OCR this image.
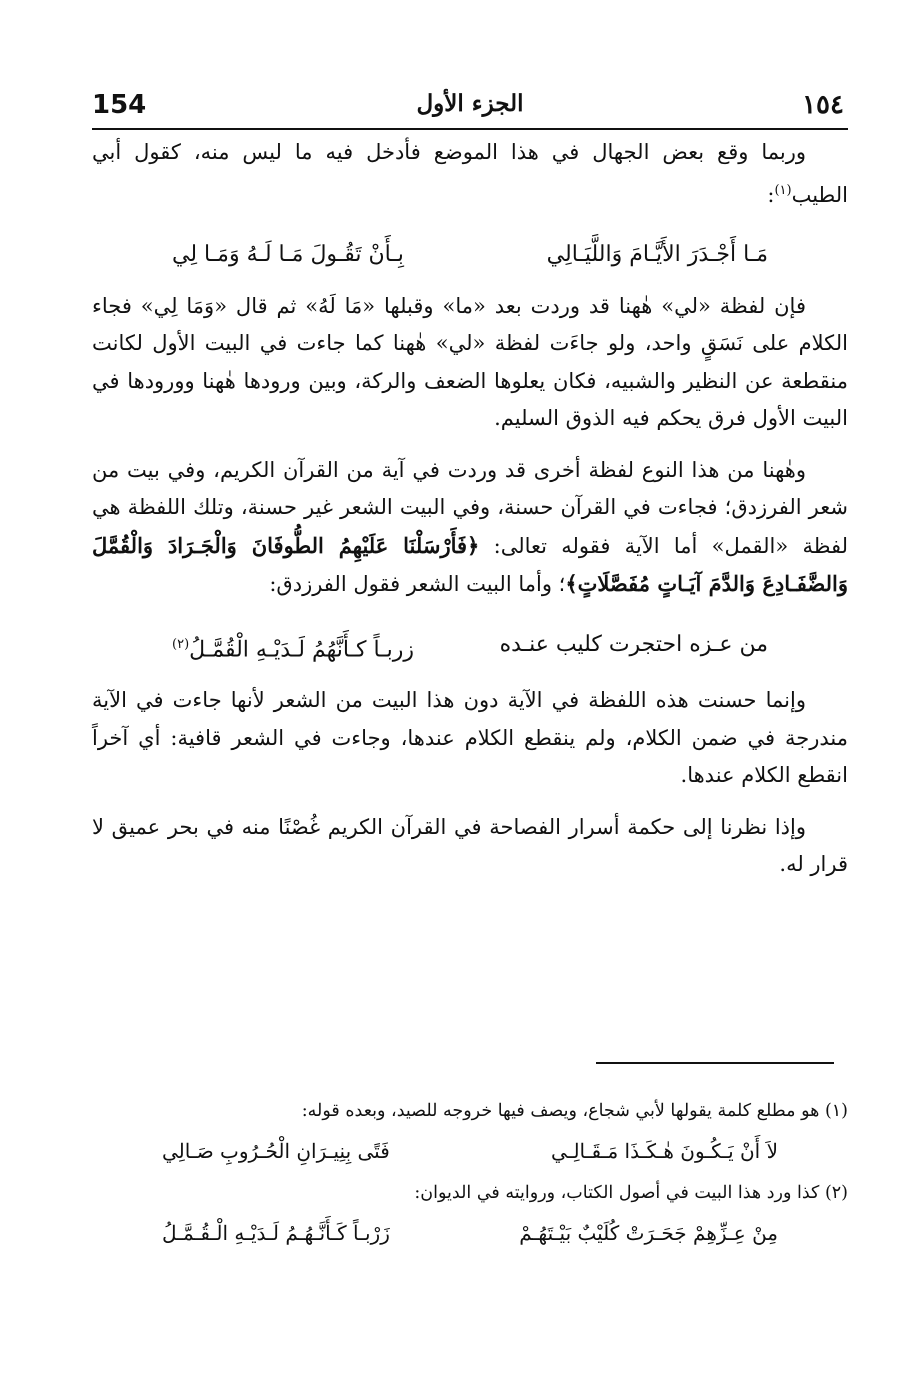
154	الجزء الأول	١٥٤

وربما وقع بعض الجهال في هذا الموضع فأدخل فيه ما ليس منه، كقول أبي الطيب$^{(١)}$:

مَـا أَجْـدَرَ الأَيَّـامَ وَاللَّيَـالِي
بِـأَنْ تَقُـولَ مَـا لَـهُ وَمَـا لِي

فإن لفظة «لي» هٰهنا قد وردت بعد «ما» وقبلها «مَا لَهُ» ثم قال «وَمَا لِي» فجاء الكلام على نَسَقٍ واحد، ولو جاءَت لفظة «لي» هٰهنا كما جاءت في البيت الأول لكانت منقطعة عن النظير والشبيه، فكان يعلوها الضعف والركة، وبين ورودها هٰهنا وورودها في البيت الأول فرق يحكم فيه الذوق السليم.

وهٰهنا من هذا النوع لفظة أخرى قد وردت في آية من القرآن الكريم، وفي بيت من شعر الفرزدق؛ فجاءت في القرآن حسنة، وفي البيت الشعر غير حسنة، وتلك اللفظة هي لفظة «القمل» أما الآية فقوله تعالى: ﴿فَأَرْسَلْنَا عَلَيْهِمُ الطُّوفَانَ وَالْجَـرَادَ وَالْقُمَّلَ وَالضَّفَـادِعَ وَالدَّمَ آيَـاتٍ مُفَصَّلَاتٍ﴾؛ وأما البيت الشعر فقول الفرزدق:

من عـزه احتجرت كليب عنـده
زربـاً كـأَنَّهُمُ لَـدَيْـهِ الْقُمَّـلُ$^{(٢)}$

وإنما حسنت هذه اللفظة في الآية دون هذا البيت من الشعر لأنها جاءت في الآية مندرجة في ضمن الكلام، ولم ينقطع الكلام عندها، وجاءت في الشعر قافية: أي آخراً انقطع الكلام عندها.

وإذا نظرنا إلى حكمة أسرار الفصاحة في القرآن الكريم غُصْنًا منه في بحر عميق لا قرار له.

(١) هو مطلع كلمة يقولها لأبي شجاع، ويصف فيها خروجه للصيد، وبعده قوله:

لاَ أَنْ يَـكُـونَ هٰـكَـذَا مَـقَـالِـي
فَتًى بِنِيـرَانِ الْحُـرُوبِ صَـالِي

(٢) كذا ورد هذا البيت في أصول الكتاب، وروايته في الديوان:

مِنْ عِـزِّهِمْ جَحَـرَتْ كُلَيْبٌ بَيْـتَهُـمْ
زَرْبـاً كَـأَنَّـهُـمُ لَـدَيْـهِ الْـقُـمَّـلُ
